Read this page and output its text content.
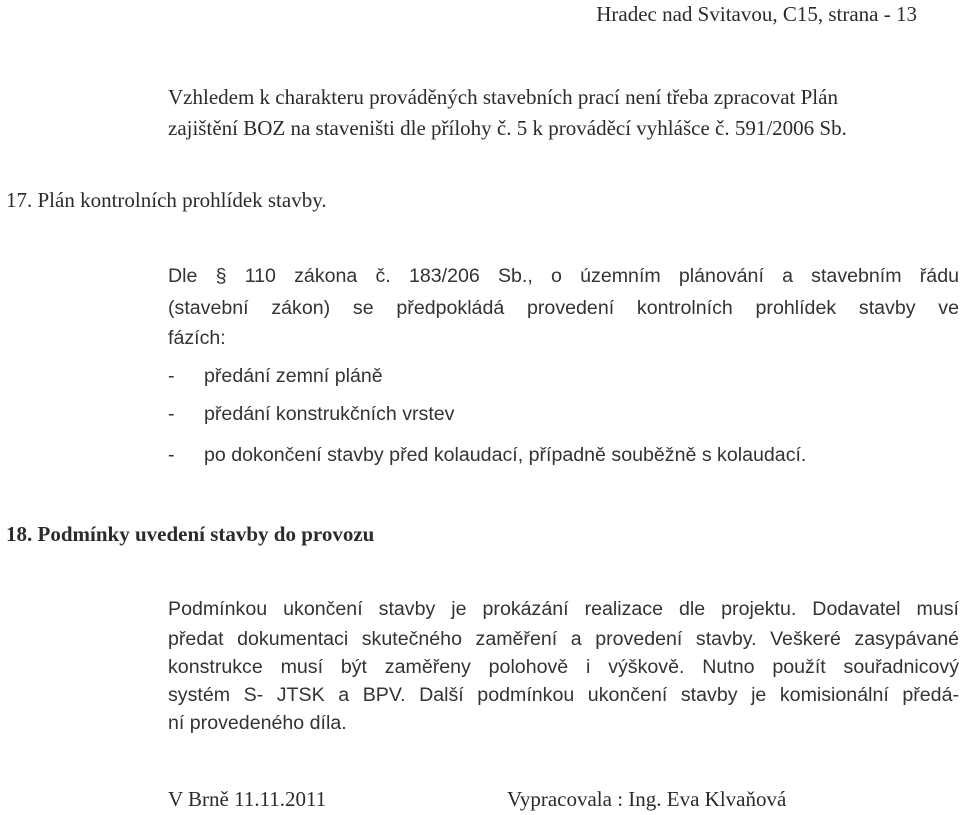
Hradec nad Svitavou, C15, strana - 13
Vzhledem k charakteru prováděných stavebních prací není třeba zpracovat Plán
zajištění BOZ na staveništi dle přílohy č. 5 k prováděcí vyhlášce č. 591/2006 Sb.
17. Plán kontrolních prohlídek stavby.
Dle § 110 zákona č. 183/206 Sb., o územním plánování a stavebním řádu
(stavební zákon) se předpokládá provedení kontrolních prohlídek stavby ve
fázích:
- předání zemní pláně
- předání konstrukčních vrstev
- po dokončení stavby před kolaudací, případně souběžně s kolaudací.
18. Podmínky uvedení stavby do provozu
Podmínkou ukončení stavby je prokázání realizace dle projektu. Dodavatel musí
předat dokumentaci skutečného zaměření a provedení stavby. Veškeré zasypávané
konstrukce musí být zaměřeny polohově i výškově. Nutno použít souřadnicový
systém S- JTSK a BPV. Další podmínkou ukončení stavby je komisionální předá-
ní provedeného díla.
V Brně 11.11.2011	Vypracovala : Ing. Eva Klvaňová
